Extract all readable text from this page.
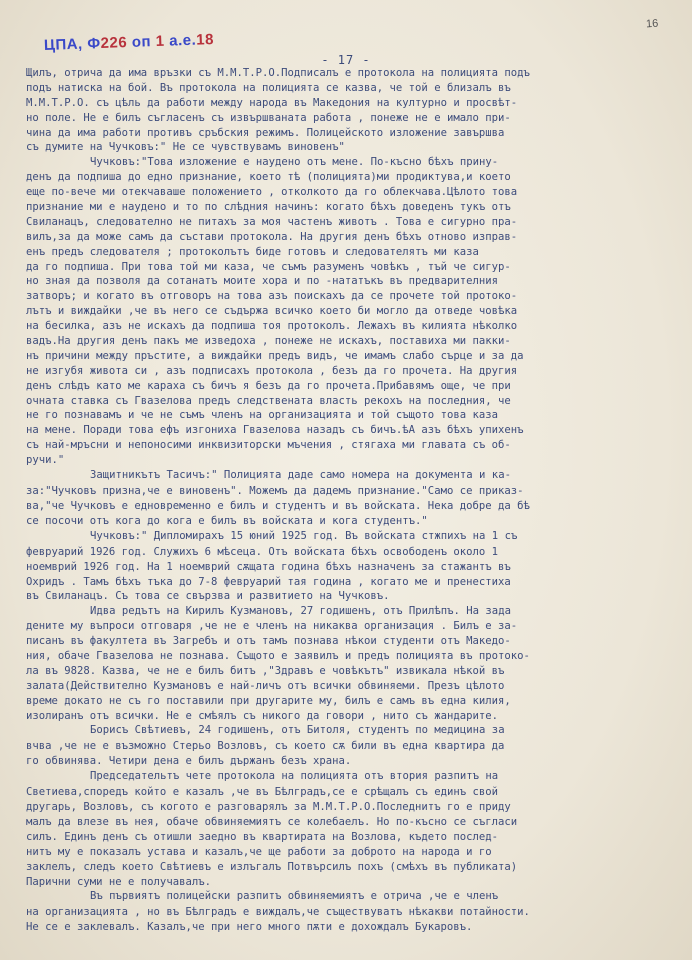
ЦПА, Ф226 оп 1 а.е.18
16
- 17 -
Щилъ, отрича да има връзки съ М.М.Т.Р.О.Подписалъ е протокола на полицията подъ
подъ натиска на бой. Въ протокола на полицията се казва, че той е близалъ въ
М.М.Т.Р.О. съ цѣль да работи между народа въ Македония на културно и просвѣт-
но поле. Не е билъ съгласенъ съ извършваната работа , понеже не е имало при-
чина да има работи противъ сръбския режимъ. Полицейското изложение завършва
съ думите на Чучковъ:" Не се чувствувамъ виновенъ"
Чучковъ:"Това изложение е наудено отъ мене. По-късно бѣхъ прину-
денъ да подпиша до едно признание, което тѣ (полицията)ми продиктува,и което
еще по-вече ми отекчаваше положението , отколкото да го облекчава.Цѣлото това
признание ми е наудено и то по слѣдния начинъ: когато бѣхъ доведенъ тукъ отъ
Свиланацъ, следователно не питахъ за моя частенъ животъ . Това е сигурно пра-
вилъ,за да може самъ да състави протокола. На другия денъ бѣхъ отново изправ-
енъ предъ следователя ; протоколътъ биде готовъ и следователятъ ми каза
да го подпиша. При това той ми каза, че съмъ разуменъ човѣкъ , тъй че сигур-
но зная да позволя да сотанатъ моите хора и по -нататъкъ въ предварителния
затворъ; и когато въ отговоръ на това азъ поискахъ да се прочете той протоко-
лътъ и виждайки ,че въ него се съдържа всичко което би могло да отведе човѣка
на бесилка, азъ не искахъ да подпиша тоя протоколъ. Лежахъ въ килията нѣколко
вадъ.На другия денъ пакъ ме изведоха , понеже не искахъ, поставиха ми пакки-
нъ причини между пръстите, а виждайки предъ видъ, че имамъ слабо сърце и за да
не изгубя живота си , азъ подписахъ протокола , безъ да го прочета. На другия
денъ слѣдъ като ме караха съ бичъ я безъ да го прочета.Прибавямъ още, че при
очната ставка съ Гвазелова предъ следствената власть рекохъ на последния, че
не го познавамъ и че не съмъ членъ на организацията и той същото това каза
на мене. Поради това ефъ изгониха Гвазелова назадъ съ бичъ.ѣА азъ бѣхъ упихенъ
съ най-мръсни и непоносими инквизиторски мъчения , стягаха ми главата съ об-
ручи."
Защитникътъ Тасичъ:" Полицията даде само номера на документа и ка-
за:"Чучковъ призна,че е виновенъ". Можемъ да дадемъ признание."Само се приказ-
ва,"че Чучковъ е едновременно е билъ и студентъ и въ войската. Нека добре да бѣ
се посочи отъ кога до кога е билъ въ войската и кога студентъ."
Чучковъ:" Дипломирахъ 15 юний 1925 год. Въ войската стжпихъ на 1 съ
февруарий 1926 год. Служихъ 6 мѣсеца. Отъ войската бѣхъ освободенъ около 1
ноемврий 1926 год. На 1 ноемврий сѫщата година бѣхъ назначенъ за стажантъ въ
Охридъ . Тамъ бѣхъ тъка до 7-8 февруарий тая година , когато ме и пренестиха
въ Свиланацъ. Съ това се свързва и развитието на Чучковъ.
Идва редътъ на Кирилъ Кузмановъ, 27 годишенъ, отъ Прилѣпъ. На зада
дените му въпроси отговаря ,че не е членъ на никаква организация . Билъ е за-
писанъ въ факултета въ Загребъ и отъ тамъ познава нѣкои студенти отъ Македо-
ния, обаче Гвазелова не познава. Същото е заявилъ и предъ полицията въ протоко-
ла въ 9828. Казва, че не е билъ битъ ,"Здравъ е човѣкътъ" извикала нѣкой въ
залата(Действително Кузмановъ е най-личъ отъ всички обвиняеми. Презъ цѣлото
време докато не съ го поставили при другарите му, билъ е самъ въ една килия,
изолиранъ отъ всички. Не е смѣялъ съ никого да говори , нито съ жандарите.
Борисъ Свѣтиевъ, 24 годишенъ, отъ Битоля, студентъ по медицина за
вчва ,че не е възможно Стерьо Возловъ, съ което сѫ били въ една квартира да
го обвинява. Четири дена е билъ държанъ безъ храна.
Председательтъ чете протокола на полицията отъ втория разпитъ на
Светиева,споредъ който е казалъ ,че въ Бѣлградъ,се е срѣщалъ съ единъ свой
другарь, Возловъ, съ когото е разговарялъ за М.М.Т.Р.О.Последнитъ го е приду
малъ да влезе въ нея, обаче обвиняемиятъ се колебаелъ. Но по-късно се съгласи
силъ. Единъ денъ съ отишли заедно въ квартирата на Возлова, където послед-
нитъ му е показалъ устава и казалъ,че ще работи за доброто на народа и го
заклелъ, следъ което Свѣтиевъ е излъгалъ Потвърсилъ похъ (смѣхъ въ публиката)
Парични суми не е получавалъ.
Въ първиятъ полицейски разпитъ обвиняемиятъ е отрича ,че е членъ
на организацията , но въ Бѣлградъ е виждалъ,че съществуватъ нѣкакви потайности.
Не се е заклевалъ. Казалъ,че при него много пѫти е дохождалъ Букаровъ.
